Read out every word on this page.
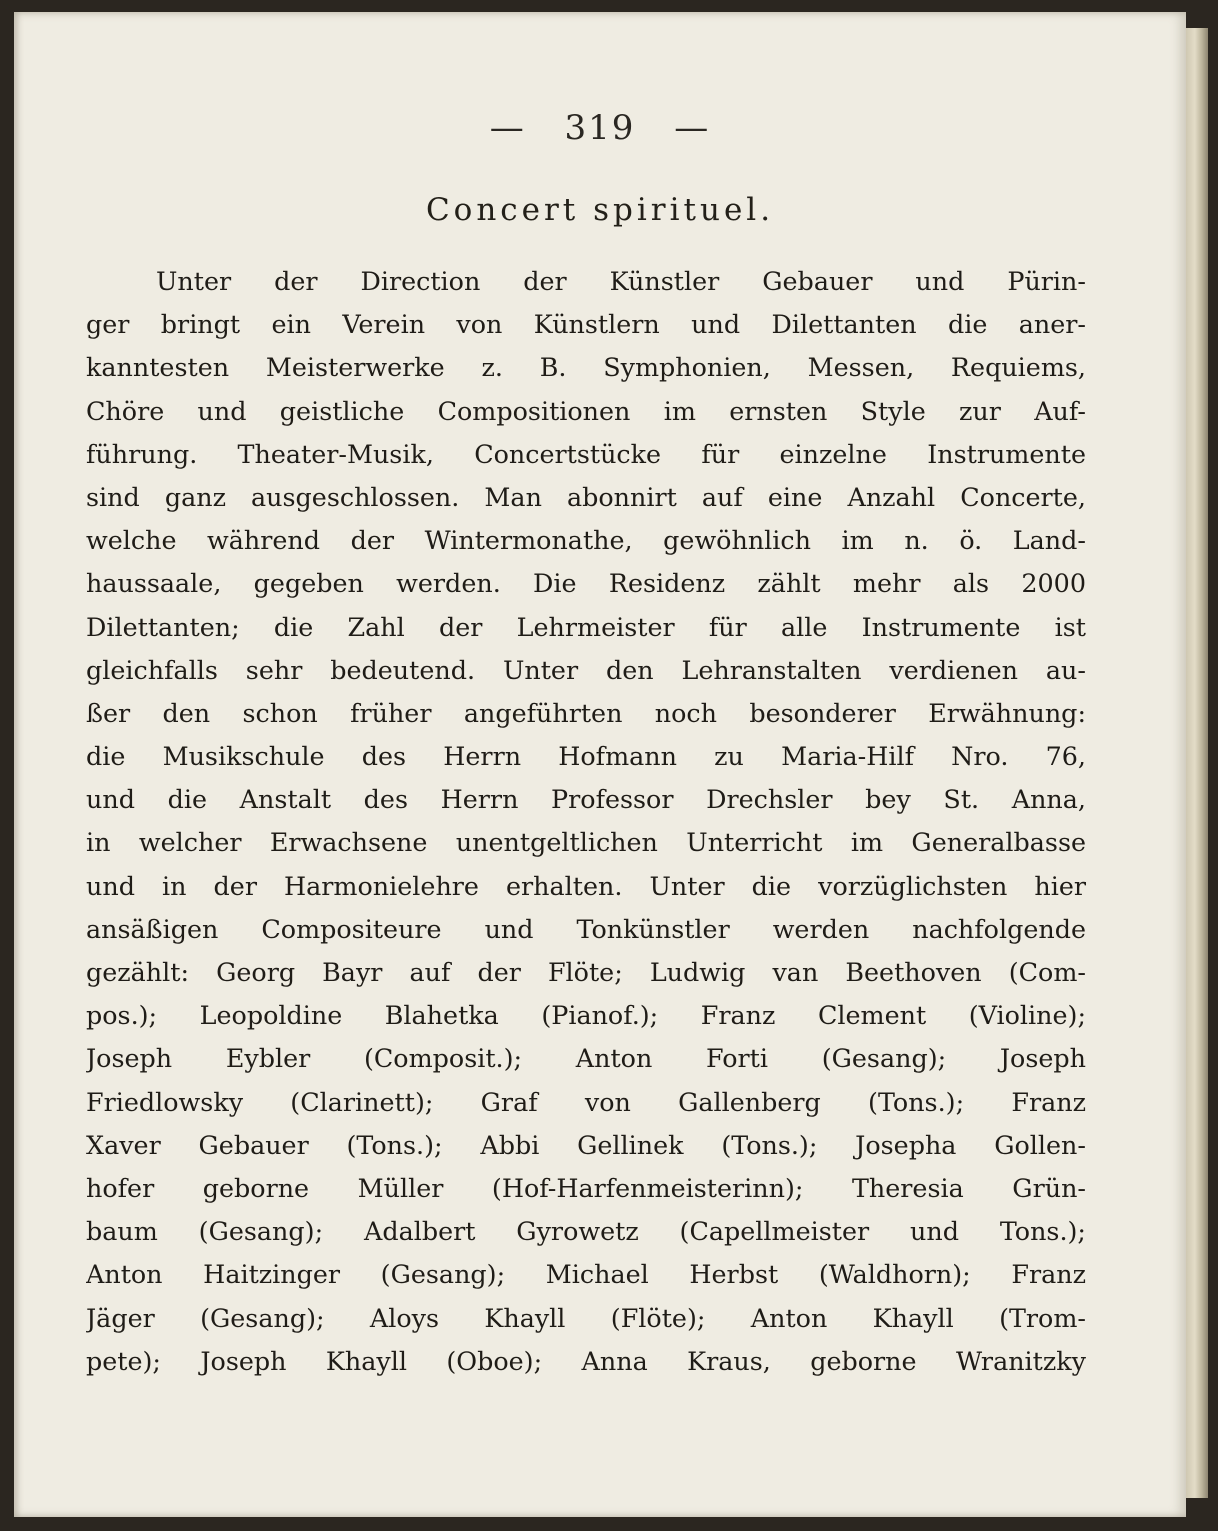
— 319 —
Concert spirituel.
Unter der Direction der Künstler Gebauer und Pürin-
ger bringt ein Verein von Künstlern und Dilettanten die aner-
kanntesten Meisterwerke z. B. Symphonien, Messen, Requiems,
Chöre und geistliche Compositionen im ernsten Style zur Auf-
führung. Theater-Musik, Concertstücke für einzelne Instrumente
sind ganz ausgeschlossen. Man abonnirt auf eine Anzahl Concerte,
welche während der Wintermonathe, gewöhnlich im n. ö. Land-
haussaale, gegeben werden. Die Residenz zählt mehr als 2000
Dilettanten; die Zahl der Lehrmeister für alle Instrumente ist
gleichfalls sehr bedeutend. Unter den Lehranstalten verdienen au-
ßer den schon früher angeführten noch besonderer Erwähnung:
die Musikschule des Herrn Hofmann zu Maria-Hilf Nro. 76,
und die Anstalt des Herrn Professor Drechsler bey St. Anna,
in welcher Erwachsene unentgeltlichen Unterricht im Generalbasse
und in der Harmonielehre erhalten. Unter die vorzüglichsten hier
ansäßigen Compositeure und Tonkünstler werden nachfolgende
gezählt: Georg Bayr auf der Flöte; Ludwig van Beethoven (Com-
pos.); Leopoldine Blahetka (Pianof.); Franz Clement (Violine);
Joseph Eybler (Composit.); Anton Forti (Gesang); Joseph
Friedlowsky (Clarinett); Graf von Gallenberg (Tons.); Franz
Xaver Gebauer (Tons.); Abbi Gellinek (Tons.); Josepha Gollen-
hofer geborne Müller (Hof-Harfenmeisterinn); Theresia Grün-
baum (Gesang); Adalbert Gyrowetz (Capellmeister und Tons.);
Anton Haitzinger (Gesang); Michael Herbst (Waldhorn); Franz
Jäger (Gesang); Aloys Khayll (Flöte); Anton Khayll (Trom-
pete); Joseph Khayll (Oboe); Anna Kraus, geborne Wranitzky
